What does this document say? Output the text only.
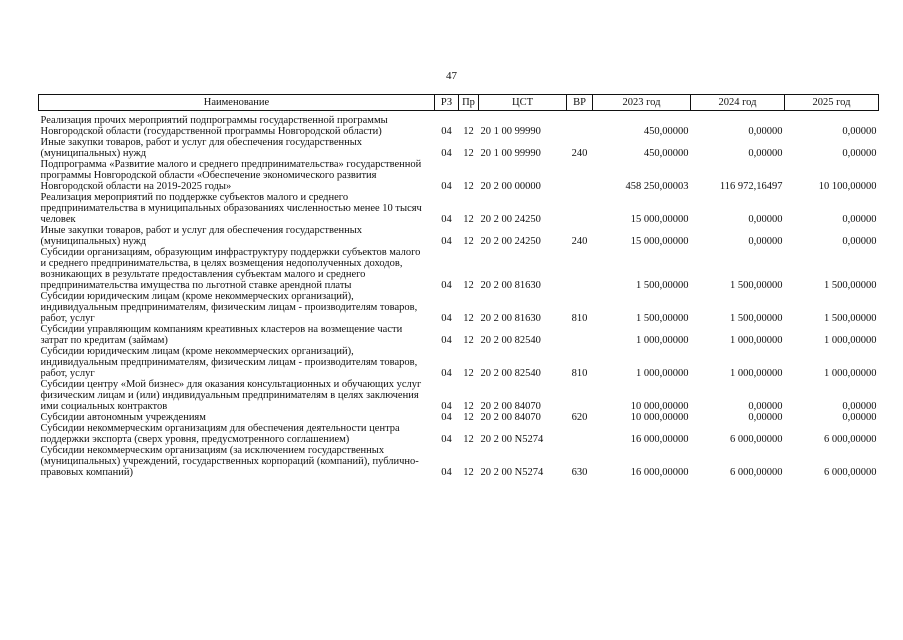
47
Наименование	РЗ	Пр	ЦСТ	ВР	2023 год	2024 год	2025 год
Реализация прочих мероприятий подпрограммы государственной программы Новгородской области (государственной программы Новгородской области)	04	12	20 1 00 99990		450,00000	0,00000	0,00000
Иные закупки товаров, работ и услуг для обеспечения государственных (муниципальных) нужд	04	12	20 1 00 99990	240	450,00000	0,00000	0,00000
Подпрограмма «Развитие малого и среднего предпринимательства» государственной программы Новгородской области «Обеспечение экономического развития Новгородской области на 2019-2025 годы»	04	12	20 2 00 00000		458 250,00003	116 972,16497	10 100,00000
Реализация мероприятий по поддержке субъектов малого и среднего предпринимательства в муниципальных образованиях численностью менее 10 тысяч человек	04	12	20 2 00 24250		15 000,00000	0,00000	0,00000
Иные закупки товаров, работ и услуг для обеспечения государственных (муниципальных) нужд	04	12	20 2 00 24250	240	15 000,00000	0,00000	0,00000
Субсидии организациям, образующим инфраструктуру поддержки субъектов малого и среднего предпринимательства, в целях возмещения недополученных доходов, возникающих в результате предоставления субъектам малого и среднего предпринимательства имущества по льготной ставке арендной платы	04	12	20 2 00 81630		1 500,00000	1 500,00000	1 500,00000
Субсидии юридическим лицам (кроме некоммерческих организаций), индивидуальным предпринимателям, физическим лицам - производителям товаров, работ, услуг	04	12	20 2 00 81630	810	1 500,00000	1 500,00000	1 500,00000
Субсидии управляющим компаниям креативных кластеров на возмещение части затрат по кредитам (займам)	04	12	20 2 00 82540		1 000,00000	1 000,00000	1 000,00000
Субсидии юридическим лицам (кроме некоммерческих организаций), индивидуальным предпринимателям, физическим лицам - производителям товаров, работ, услуг	04	12	20 2 00 82540	810	1 000,00000	1 000,00000	1 000,00000
Субсидии центру «Мой бизнес» для оказания консультационных и обучающих услуг физическим лицам и (или) индивидуальным предпринимателям в целях заключения ими социальных контрактов	04	12	20 2 00 84070		10 000,00000	0,00000	0,00000
Субсидии автономным учреждениям	04	12	20 2 00 84070	620	10 000,00000	0,00000	0,00000
Субсидии некоммерческим организациям для обеспечения деятельности центра поддержки экспорта (сверх уровня, предусмотренного соглашением)	04	12	20 2 00 N5274		16 000,00000	6 000,00000	6 000,00000
Субсидии некоммерческим организациям (за исключением государственных (муниципальных) учреждений, государственных корпораций (компаний), публично-правовых компаний)	04	12	20 2 00 N5274	630	16 000,00000	6 000,00000	6 000,00000
